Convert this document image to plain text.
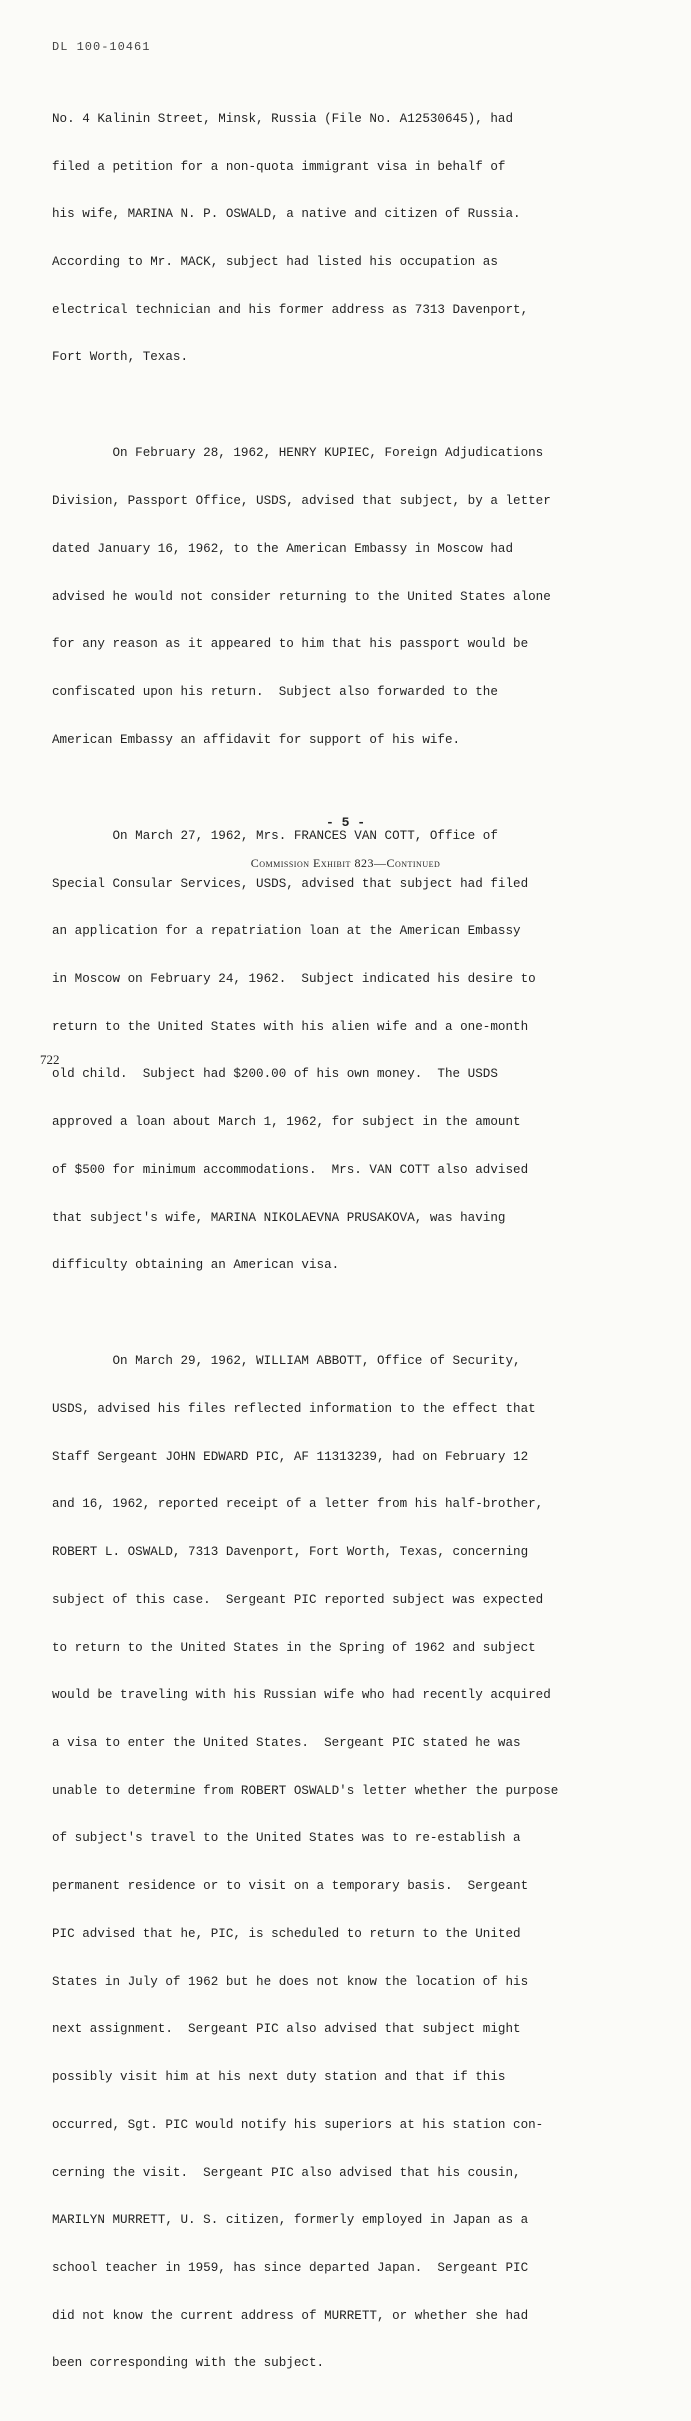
DL 100-10461

No. 4 Kalinin Street, Minsk, Russia (File No. A12530645), had

filed a petition for a non-quota immigrant visa in behalf of

his wife, MARINA N. P. OSWALD, a native and citizen of Russia.

According to Mr. MACK, subject had listed his occupation as

electrical technician and his former address as 7313 Davenport,

Fort Worth, Texas.

On February 28, 1962, HENRY KUPIEC, Foreign Adjudications

Division, Passport Office, USDS, advised that subject, by a letter

dated January 16, 1962, to the American Embassy in Moscow had

advised he would not consider returning to the United States alone

for any reason as it appeared to him that his passport would be

confiscated upon his return.  Subject also forwarded to the

American Embassy an affidavit for support of his wife.

On March 27, 1962, Mrs. FRANCES VAN COTT, Office of

Special Consular Services, USDS, advised that subject had filed

an application for a repatriation loan at the American Embassy

in Moscow on February 24, 1962.  Subject indicated his desire to

return to the United States with his alien wife and a one-month

old child.  Subject had $200.00 of his own money.  The USDS

approved a loan about March 1, 1962, for subject in the amount

of $500 for minimum accommodations.  Mrs. VAN COTT also advised

that subject's wife, MARINA NIKOLAEVNA PRUSAKOVA, was having

difficulty obtaining an American visa.

On March 29, 1962, WILLIAM ABBOTT, Office of Security,

USDS, advised his files reflected information to the effect that

Staff Sergeant JOHN EDWARD PIC, AF 11313239, had on February 12

and 16, 1962, reported receipt of a letter from his half-brother,

ROBERT L. OSWALD, 7313 Davenport, Fort Worth, Texas, concerning

subject of this case.  Sergeant PIC reported subject was expected

to return to the United States in the Spring of 1962 and subject

would be traveling with his Russian wife who had recently acquired

a visa to enter the United States.  Sergeant PIC stated he was

unable to determine from ROBERT OSWALD's letter whether the purpose

of subject's travel to the United States was to re-establish a

permanent residence or to visit on a temporary basis.  Sergeant

PIC advised that he, PIC, is scheduled to return to the United

States in July of 1962 but he does not know the location of his

next assignment.  Sergeant PIC also advised that subject might

possibly visit him at his next duty station and that if this

occurred, Sgt. PIC would notify his superiors at his station con-

cerning the visit.  Sergeant PIC also advised that his cousin,

MARILYN MURRETT, U. S. citizen, formerly employed in Japan as a

school teacher in 1959, has since departed Japan.  Sergeant PIC

did not know the current address of MURRETT, or whether she had

been corresponding with the subject.

- 5 -
Commission Exhibit 823—Continued
722
